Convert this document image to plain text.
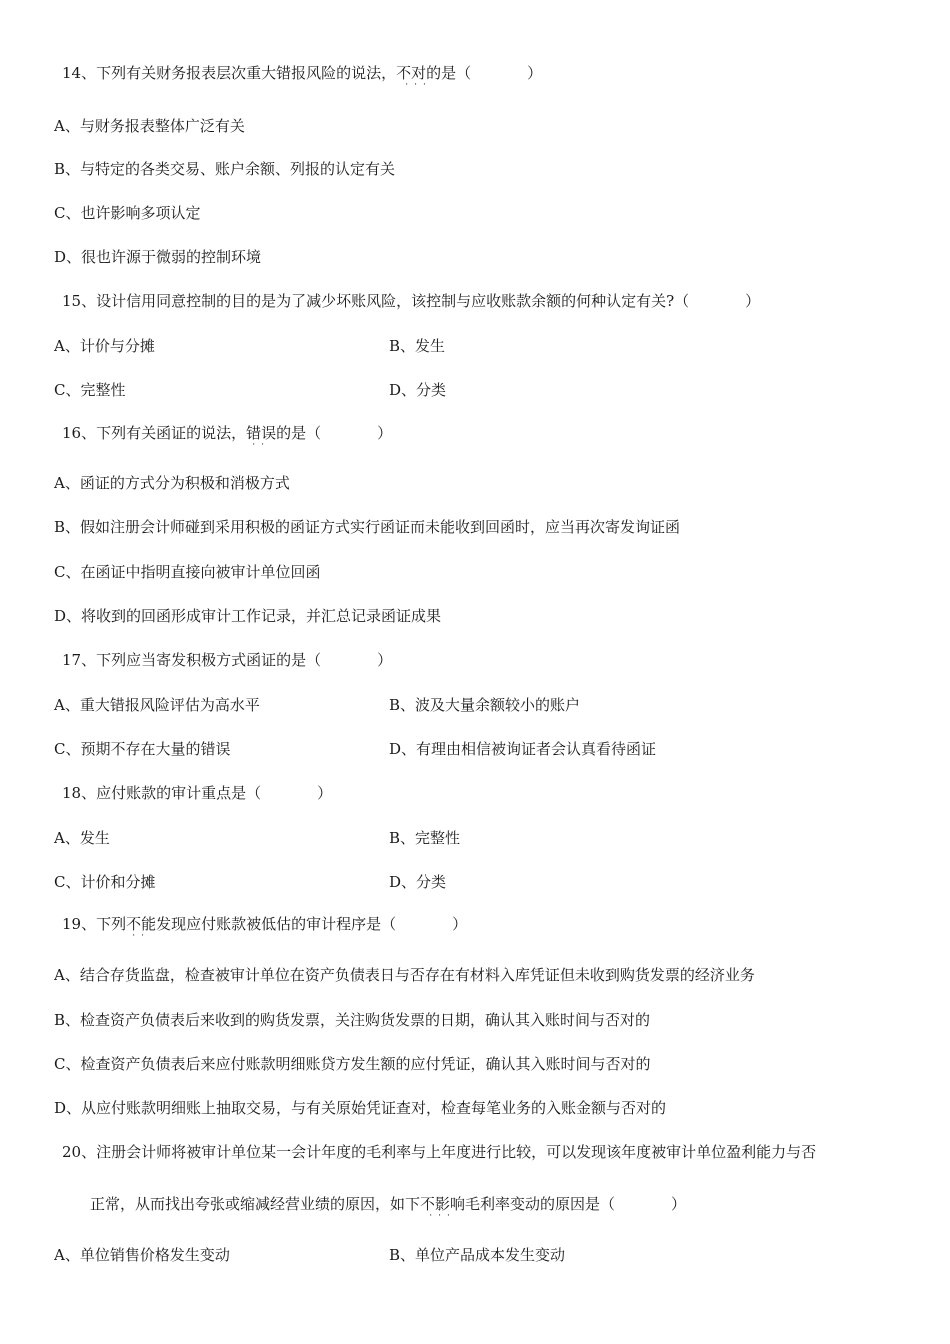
14、下列有关财务报表层次重大错报风险的说法，不对的
···
是（	）
A、与财务报表整体广泛有关
B、与特定的各类交易、账户余额、列报的认定有关
C、也许影响多项认定
D、很也许源于微弱的控制环境
15、设计信用同意控制的目的是为了减少坏账风险，该控制与应收账款余额的何种认定有关?（	）
A、计价与分摊	B、发生
C、完整性	D、分类
16、下列有关函证的说法，错误
··
的是（	）
A、函证的方式分为积极和消极方式
B、假如注册会计师碰到采用积极的函证方式实行函证而未能收到回函时，应当再次寄发询证函
C、在函证中指明直接向被审计单位回函
D、将收到的回函形成审计工作记录，并汇总记录函证成果
17、下列应当寄发积极方式函证的是（	）
A、重大错报风险评估为高水平	B、波及大量余额较小的账户
C、预期不存在大量的错误	D、有理由相信被询证者会认真看待函证
18、应付账款的审计重点是（	）
A、发生	B、完整性
C、计价和分摊	D、分类
19、下列不能
··
发现应付账款被低估的审计程序是（	）
A、结合存货监盘，检查被审计单位在资产负债表日与否存在有材料入库凭证但未收到购货发票的经济业务
B、检查资产负债表后来收到的购货发票，关注购货发票的日期，确认其入账时间与否对的
C、检查资产负债表后来应付账款明细账贷方发生额的应付凭证，确认其入账时间与否对的
D、从应付账款明细账上抽取交易，与有关原始凭证查对，检查每笔业务的入账金额与否对的
20、注册会计师将被审计单位某一会计年度的毛利率与上年度进行比较，可以发现该年度被审计单位盈利能力与否
正常，从而找出夸张或缩减经营业绩的原因，如下不影响
···
毛利率变动的原因是（	）
A、单位销售价格发生变动	B、单位产品成本发生变动
